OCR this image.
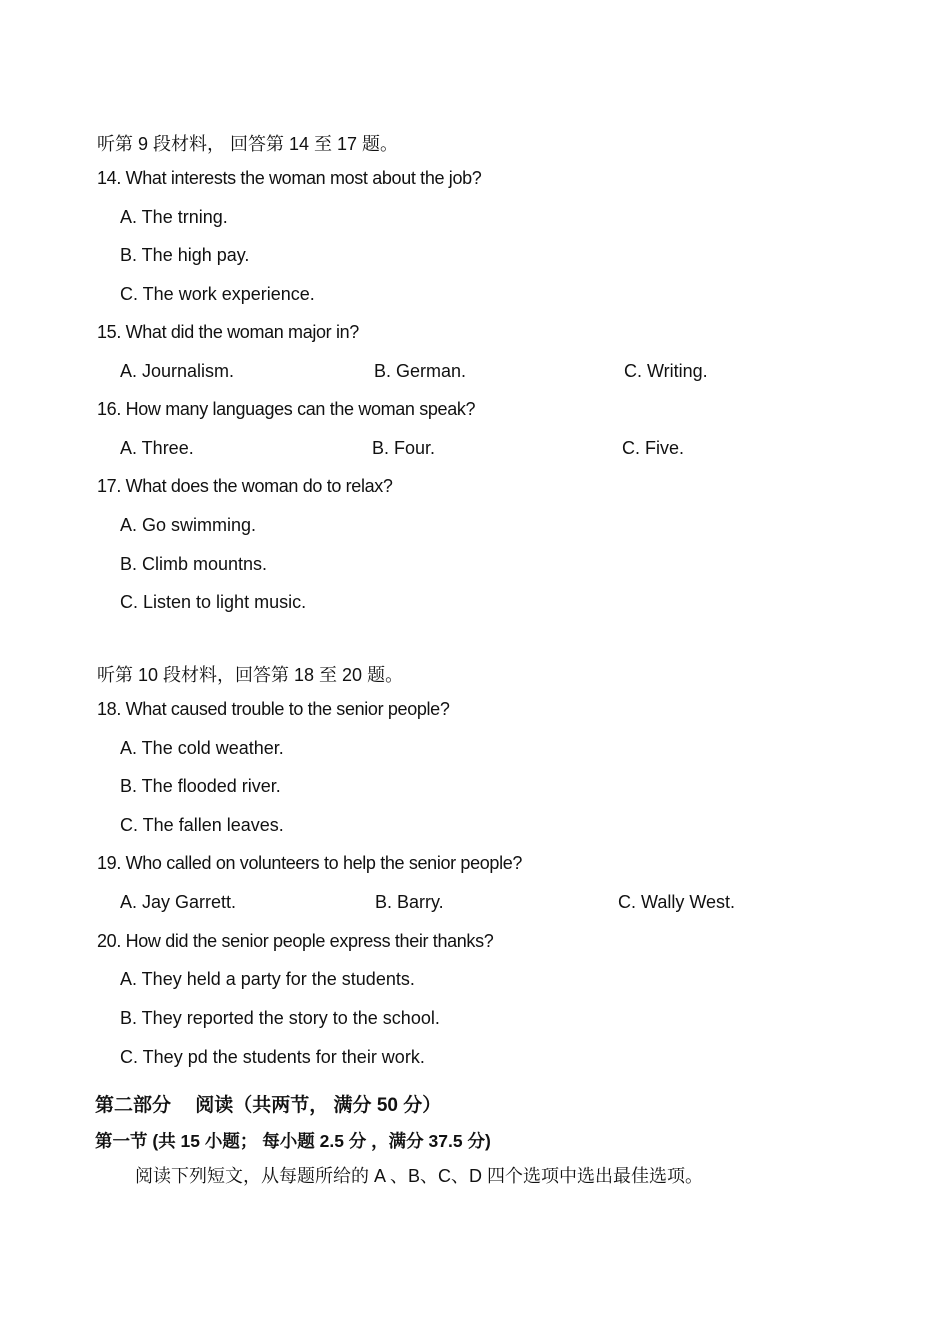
听第 9 段材料， 回答第 14 至 17 题。
14. What interests the woman most about the job?
A. The trning.
B. The high pay.
C. The work experience.
15. What did the woman major in?
A. Journalism.	B. German.	C. Writing.
16. How many languages can the woman speak?
A. Three.	B. Four.	C. Five.
17. What does the woman do to relax?
A. Go swimming.
B. Climb mountns.
C. Listen to light music.
听第 10 段材料，回答第 18 至 20 题。
18. What caused trouble to the senior people?
A. The cold weather.
B. The flooded river.
C. The fallen leaves.
19. Who called on volunteers to help the senior people?
A. Jay Garrett.	B. Barry.	C. Wally West.
20. How did the senior people express their thanks?
A. They held a party for the students.
B. They reported the story to the school.
C. They pd the students for their work.
第二部分　 阅读（共两节， 满分 50 分）
第一节 (共 15 小题； 每小题 2.5 分 ，满分 37.5 分)
阅读下列短文，从每题所给的 A 、B、C、D 四个选项中选出最佳选项。
